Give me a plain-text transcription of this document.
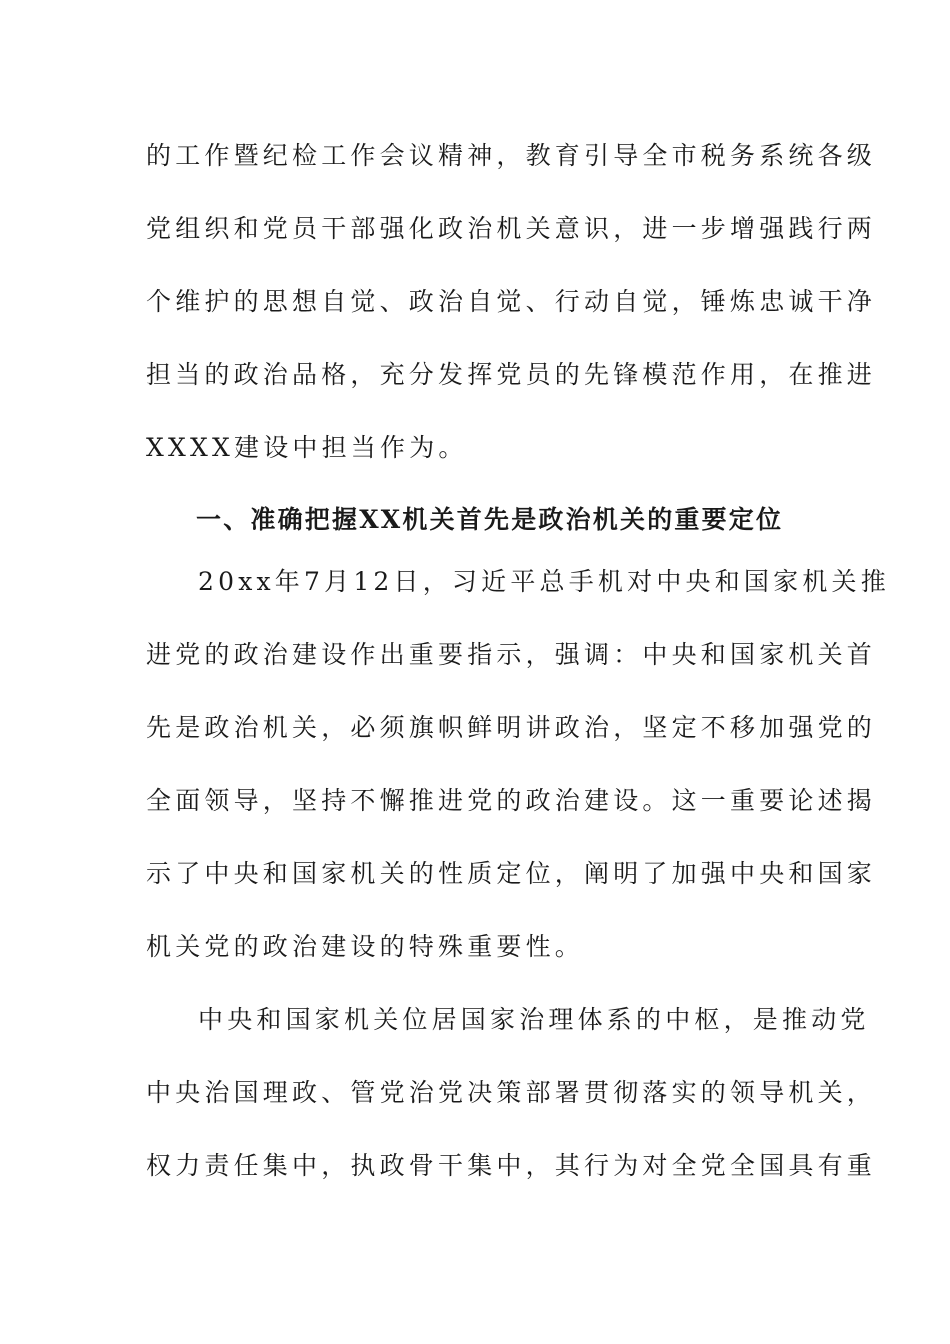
的工作暨纪检工作会议精神，教育引导全市税务系统各级

党组织和党员干部强化政治机关意识，进一步增强践行两

个维护的思想自觉、政治自觉、行动自觉，锤炼忠诚干净

担当的政治品格，充分发挥党员的先锋模范作用，在推进

XXXX建设中担当作为。

一、准确把握XX机关首先是政治机关的重要定位

20xx年7月12日，习近平总手机对中央和国家机关推

进党的政治建设作出重要指示，强调：中央和国家机关首

先是政治机关，必须旗帜鲜明讲政治，坚定不移加强党的

全面领导，坚持不懈推进党的政治建设。这一重要论述揭

示了中央和国家机关的性质定位，阐明了加强中央和国家

机关党的政治建设的特殊重要性。

中央和国家机关位居国家治理体系的中枢，是推动党

中央治国理政、管党治党决策部署贯彻落实的领导机关，

权力责任集中，执政骨干集中，其行为对全党全国具有重
